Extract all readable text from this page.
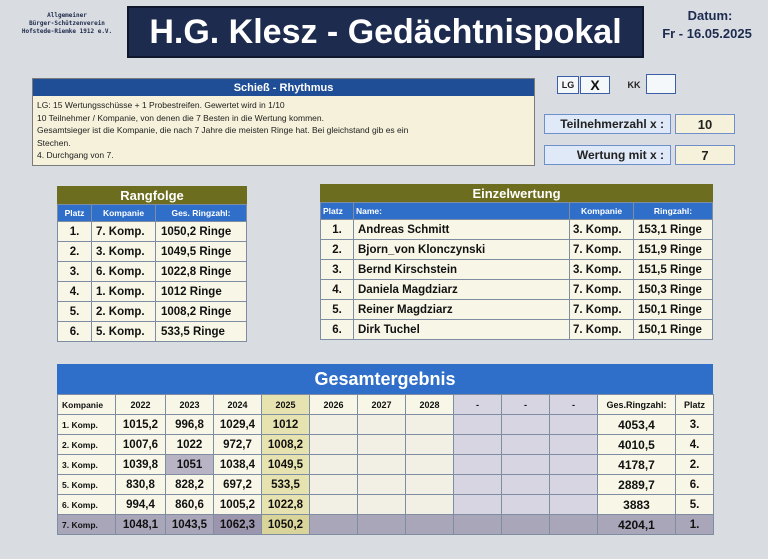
Allgemeiner
Bürger-Schützenverein
Hofstede-Riemke 1912 e.V.	H.G. Klesz - Gedächtnispokal	Datum:
Fr - 16.05.2025
Schieß - Rhythmus
LG: 15 Wertungsschüsse + 1 Probestreifen. Gewertet wird in 1/10
10 Teilnehmer / Kompanie, von denen die 7 Besten in die Wertung kommen.
Gesamtsieger ist die Kompanie, die nach 7 Jahre die meisten Ringe hat. Bei gleichstand gib es ein
Stechen.
4. Durchgang von 7.
LG	X	KK
Teilnehmerzahl x :	10
Wertung mit x :	7
Rangfolge
Platz	Kompanie	Ges. Ringzahl:
1.	7. Komp.	1050,2 Ringe
2.	3. Komp.	1049,5 Ringe
3.	6. Komp.	1022,8 Ringe
4.	1. Komp.	1012 Ringe
5.	2. Komp.	1008,2 Ringe
6.	5. Komp.	533,5 Ringe
Einzelwertung
Platz	Name:	Kompanie	Ringzahl:
1.	Andreas Schmitt	3. Komp.	153,1 Ringe
2.	Bjorn_von Klonczynski	7. Komp.	151,9 Ringe
3.	Bernd Kirschstein	3. Komp.	151,5 Ringe
4.	Daniela Magdziarz	7. Komp.	150,3 Ringe
5.	Reiner Magdziarz	7. Komp.	150,1 Ringe
6.	Dirk Tuchel	7. Komp.	150,1 Ringe
Gesamtergebnis
Kompanie	2022	2023	2024	2025	2026	2027	2028	-	-	-	Ges.Ringzahl:	Platz
1. Komp.	1015,2	996,8	1029,4	1012							4053,4	3.
2. Komp.	1007,6	1022	972,7	1008,2							4010,5	4.
3. Komp.	1039,8	1051	1038,4	1049,5							4178,7	2.
5. Komp.	830,8	828,2	697,2	533,5							2889,7	6.
6. Komp.	994,4	860,6	1005,2	1022,8							3883	5.
7. Komp.	1048,1	1043,5	1062,3	1050,2							4204,1	1.
